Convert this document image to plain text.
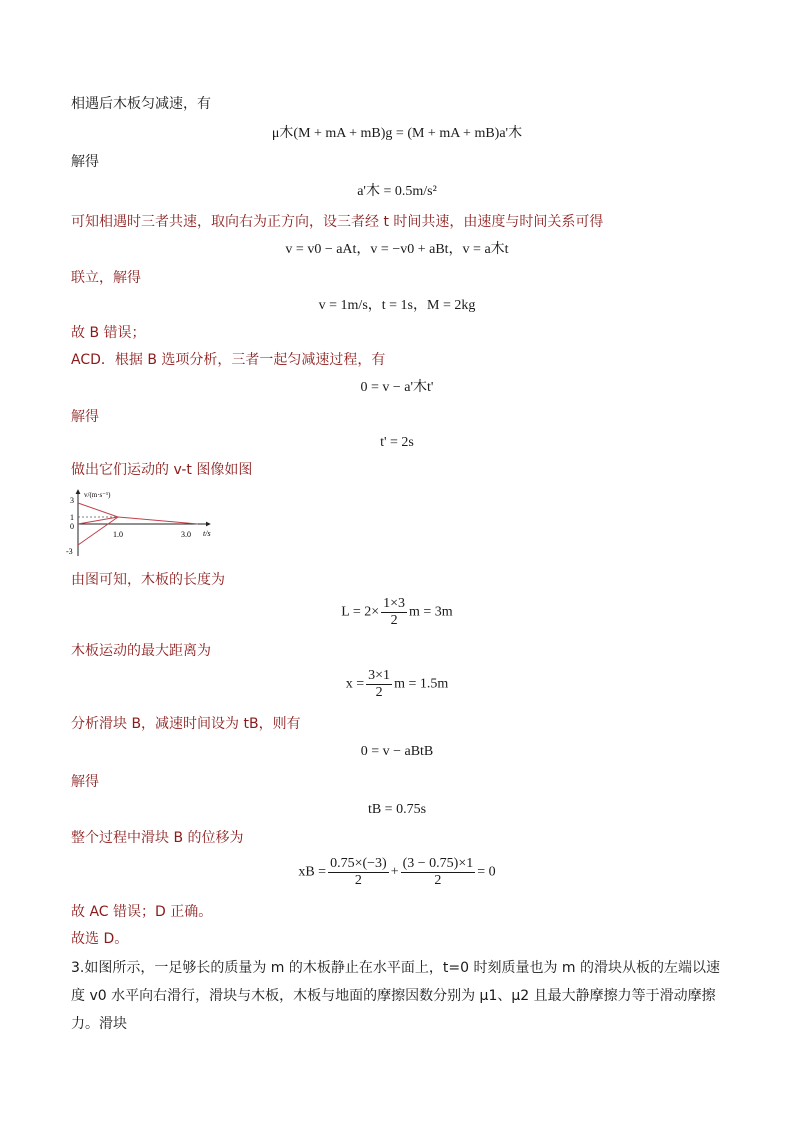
相遇后木板匀减速，有
μ木(M + mA + mB)g = (M + mA + mB)a'木
解得
a'木 = 0.5m/s²
可知相遇时三者共速，取向右为正方向，设三者经 t 时间共速，由速度与时间关系可得
v = v0 − aAt，v = −v0 + aBt，v = a木t
联立，解得
v = 1m/s，t = 1s，M = 2kg
故 B 错误；
ACD．根据 B 选项分析，三者一起匀减速过程，有
0 = v − a'木t'
解得
t' = 2s
做出它们运动的 v-t 图像如图
v/(m·s⁻¹)
t/s
3
1
0
-3
1.0	3.0
由图可知，木板的长度为
$L = 2\times \frac{1\times 3}{2}$ m = 3m
木板运动的最大距离为
$x = \frac{3\times 1}{2}$ m = 1.5m
分析滑块 B，减速时间设为 tB，则有
0 = v − aBtB
解得
tB = 0.75s
整个过程中滑块 B 的位移为
xB = $\frac{0.75\times(-3)}{2} + \frac{(3 - 0.75)\times 1}{2} = 0$
故 AC 错误；D 正确。
故选 D。
3.如图所示，一足够长的质量为 m 的木板静止在水平面上，t=0 时刻质量也为 m 的滑块从板的左端以速度 v0 水平向右滑行，滑块与木板，木板与地面的摩擦因数分别为 μ1、μ2 且最大静摩擦力等于滑动摩擦力。滑块
